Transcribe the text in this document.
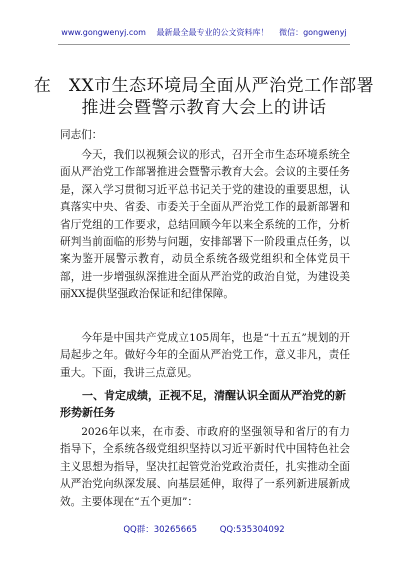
www.gongwenyj.com 最新最全最专业的公文资料库！ 微信：gongwenyj
在　XX市生态环境局全面从严治党工作部署
推进会暨警示教育大会上的讲话
同志们：
今天，我们以视频会议的形式，召开全市生态环境系统全面从严治党工作部署推进会暨警示教育大会。会议的主要任务是，深入学习贯彻习近平总书记关于党的建设的重要思想，认真落实中央、省委、市委关于全面从严治党工作的最新部署和省厅党组的工作要求，总结回顾今年以来全系统的工作，分析研判当前面临的形势与问题，安排部署下一阶段重点任务，以案为鉴开展警示教育，动员全系统各级党组织和全体党员干部，进一步增强纵深推进全面从严治党的政治自觉，为建设美丽XX提供坚强政治保证和纪律保障。
今年是中国共产党成立105周年，也是“十五五”规划的开局起步之年。做好今年的全面从严治党工作，意义非凡，责任重大。下面，我讲三点意见。
一、肯定成绩，正视不足，清醒认识全面从严治党的新形势新任务
2026年以来，在市委、市政府的坚强领导和省厅的有力指导下，全系统各级党组织坚持以习近平新时代中国特色社会主义思想为指导，坚决扛起管党治党政治责任，扎实推动全面从严治党向纵深发展、向基层延伸，取得了一系列新进展新成效。主要体现在“五个更加”：
QQ群：30265665	QQ:535304092
